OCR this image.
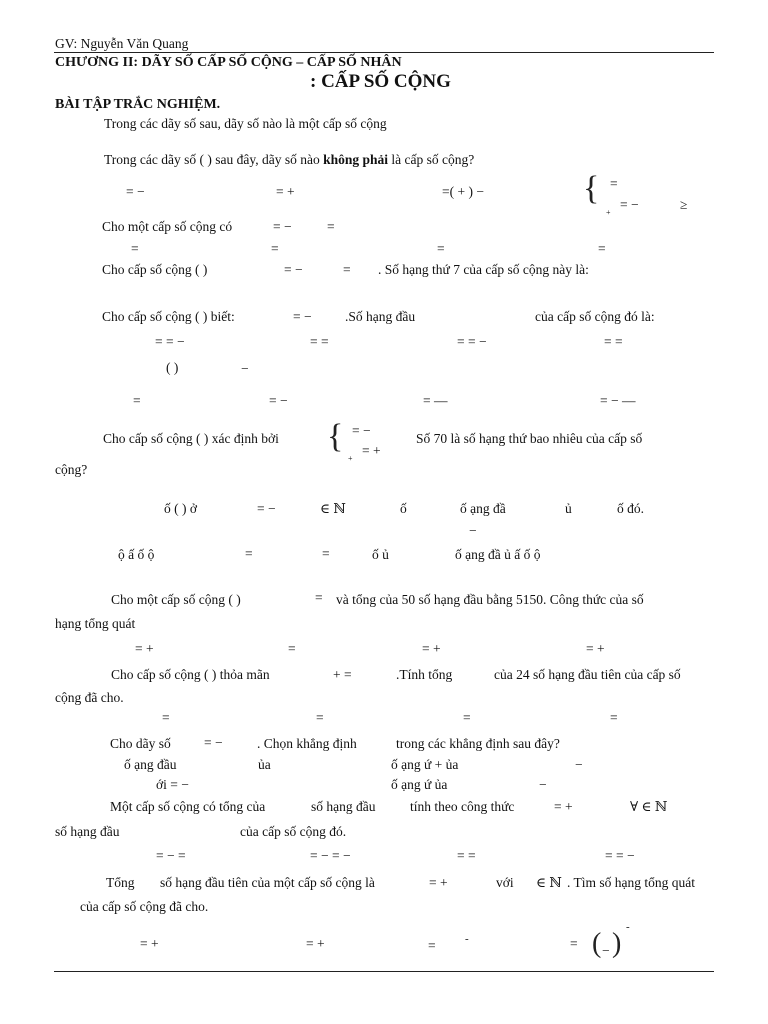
GV: Nguyễn Văn Quang
CHƯƠNG II: DÃY SỐ CẤP SỐ CỘNG – CẤP SỐ NHÂN
: CẤP SỐ CỘNG
BÀI TẬP TRẮC NGHIỆM.
Trong các dãy số sau, dãy số nào là một cấp số cộng
Trong các dãy số ( ) sau đây, dãy số nào không phải là cấp số cộng?
= −	= +	=( + ) −	{ =
+
= −	≥
Cho một cấp số cộng có	= −	=
=	=	=	=
Cho cấp số cộng ( )	= −	= . Số hạng thứ 7 của cấp số cộng này là:
Cho cấp số cộng ( ) biết:	= − .Số hạng đầu	của cấp số cộng đó là:
= = −	= =	= = −	= =
( )	−
=	= −	= —	= − —
Cho cấp số cộng ( ) xác định bởi { = −
= +
+
Số 70 là số hạng thứ bao nhiêu của cấp số
cộng?
ố ( ) ở	= −	∈ ℕ	ố	ố ạng đầ	ủ	ố đó.
−
ộ ấ ố ộ	=	=	ố ủ	ố ạng đầ ủ ấ ố ộ
Cho một cấp số cộng ( )	= và tổng của 50 số hạng đầu bằng 5150. Công thức của số
hạng tổng quát
= +	=	= +	= +
Cho cấp số cộng ( ) thỏa mãn	+ =	.Tính tổng	của 24 số hạng đầu tiên của cấp số
cộng đã cho.
=	=	=	=
Cho dãy số = −	. Chọn khẳng định	trong các khẳng định sau đây?
ố ạng đầu	ủa	ố ạng ứ + ủa	−
ới = −	ố ạng ứ ủa	−
Một cấp số cộng có tổng của	số hạng đầu	tính theo công thức	= +	∀ ∈ ℕ
số hạng đầu	của cấp số cộng đó.
= − =	= − = −	= =	= = −
Tổng số hạng đầu tiên của một cấp số cộng là	= +	với ∈ ℕ . Tìm số hạng tổng quát
của cấp số cộng đã cho.
= +	= +	=	-	= ( − )
-
